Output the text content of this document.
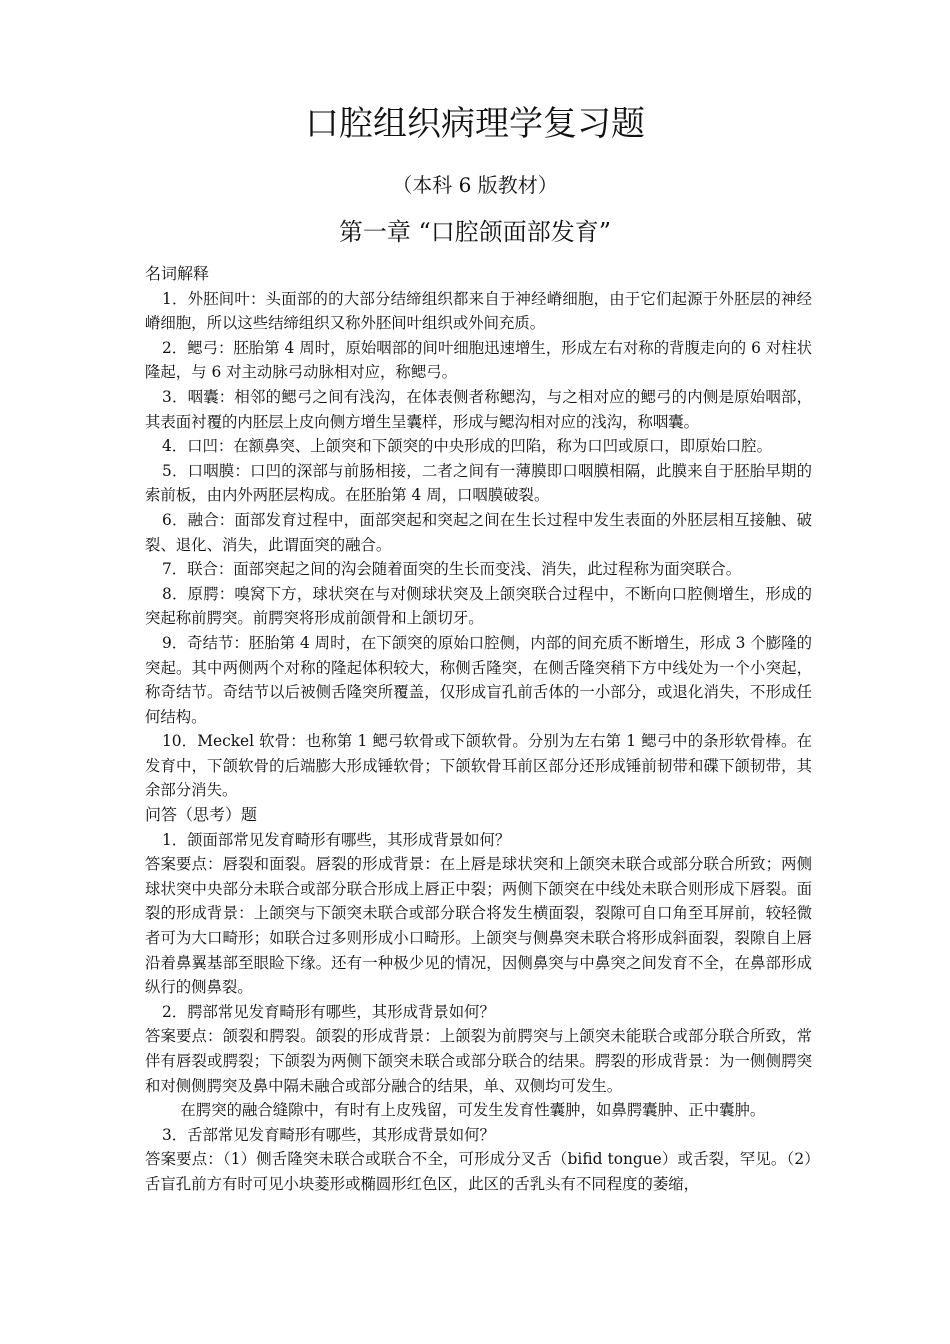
口腔组织病理学复习题
（本科 6 版教材）
第一章 “口腔颌面部发育”

名词解释

1．外胚间叶：头面部的的大部分结缔组织都来自于神经嵴细胞，由于它们起源于外胚层的神经嵴细胞，所以这些结缔组织又称外胚间叶组织或外间充质。

2．鳃弓：胚胎第 4 周时，原始咽部的间叶细胞迅速增生，形成左右对称的背腹走向的 6 对柱状隆起，与 6 对主动脉弓动脉相对应，称鳃弓。

3．咽囊：相邻的鳃弓之间有浅沟，在体表侧者称鳃沟，与之相对应的鳃弓的内侧是原始咽部，其表面衬覆的内胚层上皮向侧方增生呈囊样，形成与鳃沟相对应的浅沟，称咽囊。

4．口凹：在额鼻突、上颌突和下颌突的中央形成的凹陷，称为口凹或原口，即原始口腔。

5．口咽膜：口凹的深部与前肠相接，二者之间有一薄膜即口咽膜相隔，此膜来自于胚胎早期的索前板，由内外两胚层构成。在胚胎第 4 周，口咽膜破裂。

6．融合：面部发育过程中，面部突起和突起之间在生长过程中发生表面的外胚层相互接触、破裂、退化、消失，此谓面突的融合。

7．联合：面部突起之间的沟会随着面突的生长而变浅、消失，此过程称为面突联合。

8．原腭：嗅窝下方，球状突在与对侧球状突及上颌突联合过程中，不断向口腔侧增生，形成的突起称前腭突。前腭突将形成前颌骨和上颌切牙。

9．奇结节：胚胎第 4 周时，在下颌突的原始口腔侧，内部的间充质不断增生，形成 3 个膨隆的突起。其中两侧两个对称的隆起体积较大，称侧舌隆突，在侧舌隆突稍下方中线处为一个小突起，称奇结节。奇结节以后被侧舌隆突所覆盖，仅形成盲孔前舌体的一小部分，或退化消失，不形成任何结构。

10．Meckel 软骨：也称第 1 鳃弓软骨或下颌软骨。分别为左右第 1 鳃弓中的条形软骨棒。在发育中，下颌软骨的后端膨大形成锤软骨；下颌软骨耳前区部分还形成锤前韧带和碟下颌韧带，其余部分消失。

问答（思考）题

1．颌面部常见发育畸形有哪些，其形成背景如何？

答案要点：唇裂和面裂。唇裂的形成背景：在上唇是球状突和上颌突未联合或部分联合所致；两侧球状突中央部分未联合或部分联合形成上唇正中裂；两侧下颌突在中线处未联合则形成下唇裂。面裂的形成背景：上颌突与下颌突未联合或部分联合将发生横面裂，裂隙可自口角至耳屏前，较轻微者可为大口畸形；如联合过多则形成小口畸形。上颌突与侧鼻突未联合将形成斜面裂，裂隙自上唇沿着鼻翼基部至眼睑下缘。还有一种极少见的情况，因侧鼻突与中鼻突之间发育不全，在鼻部形成纵行的侧鼻裂。

2．腭部常见发育畸形有哪些，其形成背景如何？

答案要点：颌裂和腭裂。颌裂的形成背景：上颌裂为前腭突与上颌突未能联合或部分联合所致，常伴有唇裂或腭裂；下颌裂为两侧下颌突未联合或部分联合的结果。腭裂的形成背景：为一侧侧腭突和对侧侧腭突及鼻中隔未融合或部分融合的结果，单、双侧均可发生。

在腭突的融合缝隙中，有时有上皮残留，可发生发育性囊肿，如鼻腭囊肿、正中囊肿。

3．舌部常见发育畸形有哪些，其形成背景如何？

答案要点：（1）侧舌隆突未联合或联合不全，可形成分叉舌（bifid tongue）或舌裂，罕见。（2）舌盲孔前方有时可见小块菱形或椭圆形红色区，此区的舌乳头有不同程度的萎缩，
